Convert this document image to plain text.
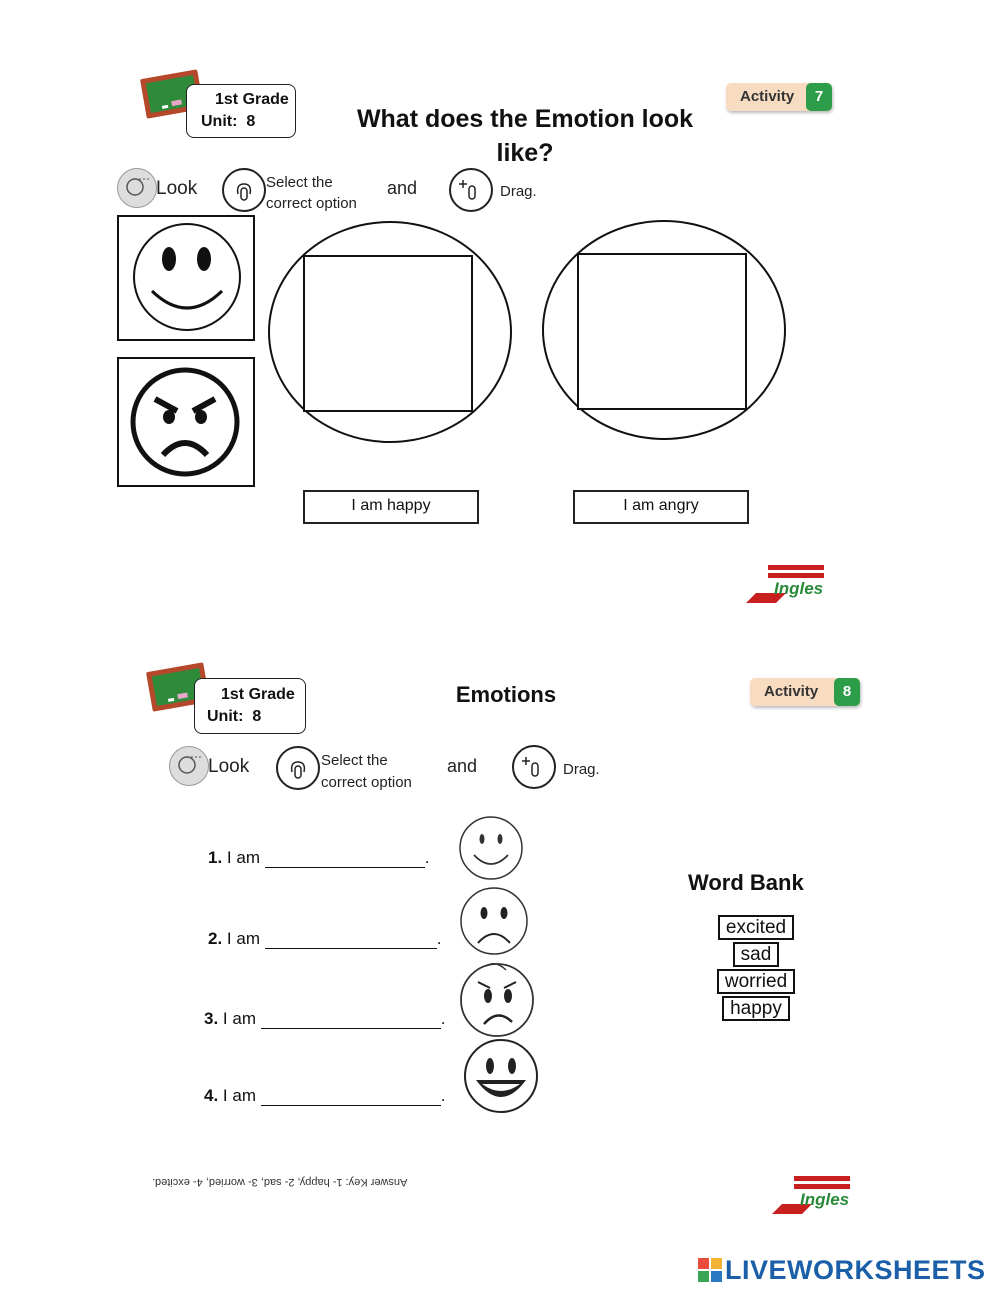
1st Grade
Unit: 8	What does the Emotion look
like?
Activity	7
Look	Select the
correct option
and	Drag.
I am happy	I am angry
Ingles
1st Grade
Unit: 8
Emotions	Activity	8
Look	Select the
correct option
and	Drag.
1. I am	.
2. I am	.
3. I am	.
4. I am	.
Word Bank
excited
sad
worried
happy
Answer Key: 1- happy, 2- sad, 3- worried, 4- excited.
Ingles
LIVEWORKSHEETS
